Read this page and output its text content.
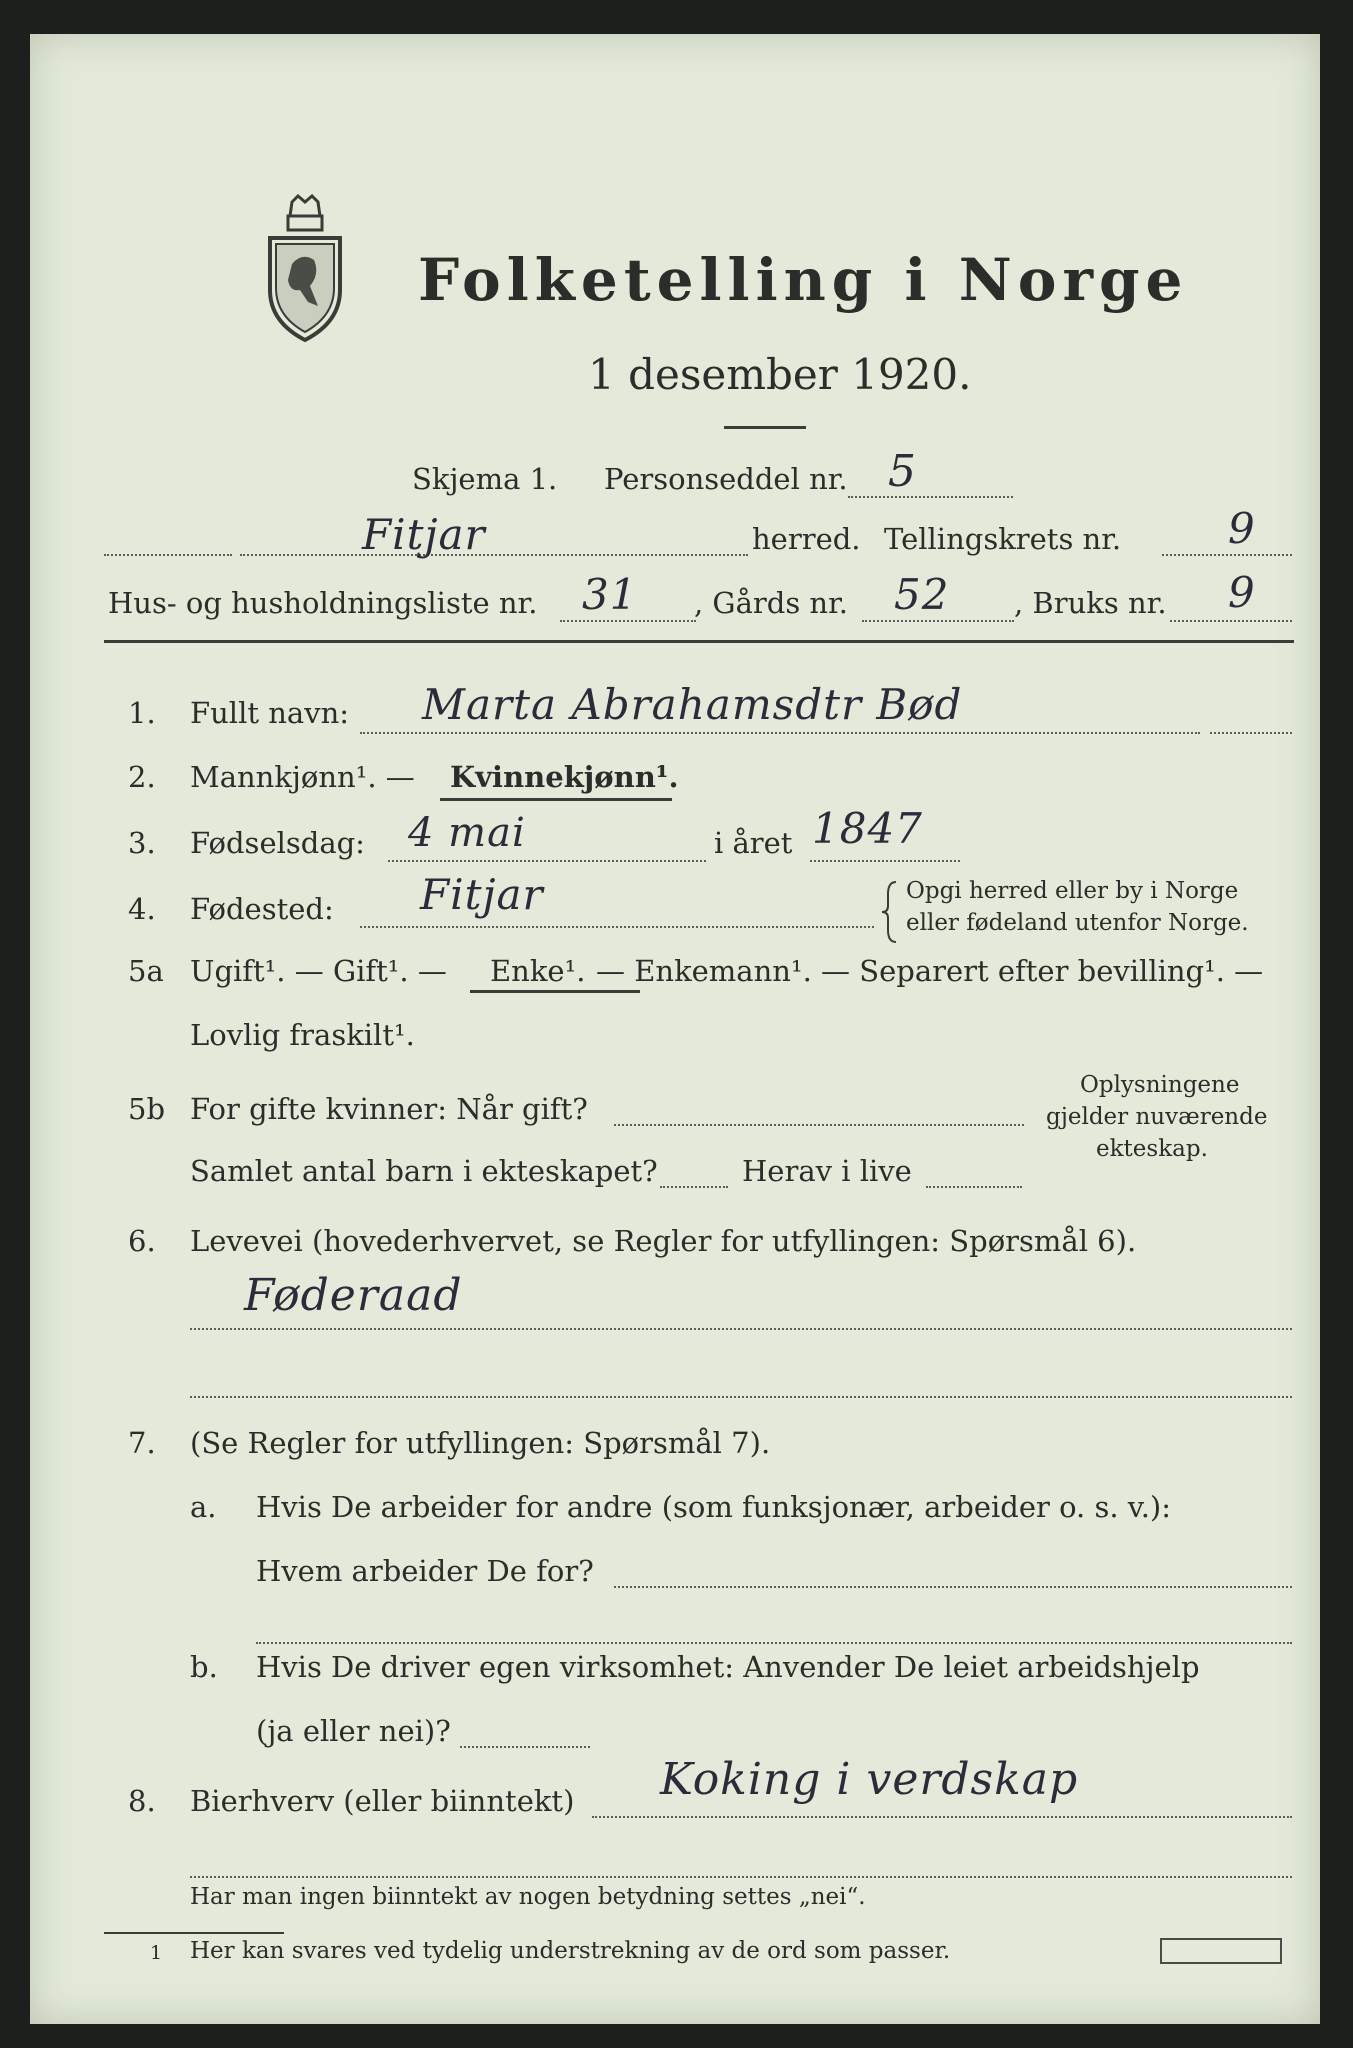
Folketelling i Norge
1 desember 1920.
Skjema 1. Personseddel nr. 5
Fitjar	herred. Tellingskrets nr.	9
Hus- og husholdningsliste nr. 31 , Gårds nr. 52 , Bruks nr. 9
1. Fullt navn: Marta Abrahamsdtr Bød
2. Mannkjønn¹. — Kvinnekjønn¹.
3. Fødselsdag: 4 mai	i året 1847
4. Fødested: Fitjar	Opgi herred eller by i Norge
eller fødeland utenfor Norge.
5a Ugift¹. — Gift¹. — Enke¹. — Enkemann¹. — Separert efter bevilling¹. —
Lovlig fraskilt¹.
5b For gifte kvinner: Når gift?
Samlet antal barn i ekteskapet?	Herav i live
Oplysningene
gjelder nuværende
ekteskap.
6. Levevei (hovederhvervet, se Regler for utfyllingen: Spørsmål 6).
Føderaad
7. (Se Regler for utfyllingen: Spørsmål 7).
a. Hvis De arbeider for andre (som funksjonær, arbeider o. s. v.):
Hvem arbeider De for?
b. Hvis De driver egen virksomhet: Anvender De leiet arbeidshjelp
(ja eller nei)?
8. Bierhverv (eller biinntekt) Koking i verdskap
Har man ingen biinntekt av nogen betydning settes „nei“.
1 Her kan svares ved tydelig understrekning av de ord som passer.
